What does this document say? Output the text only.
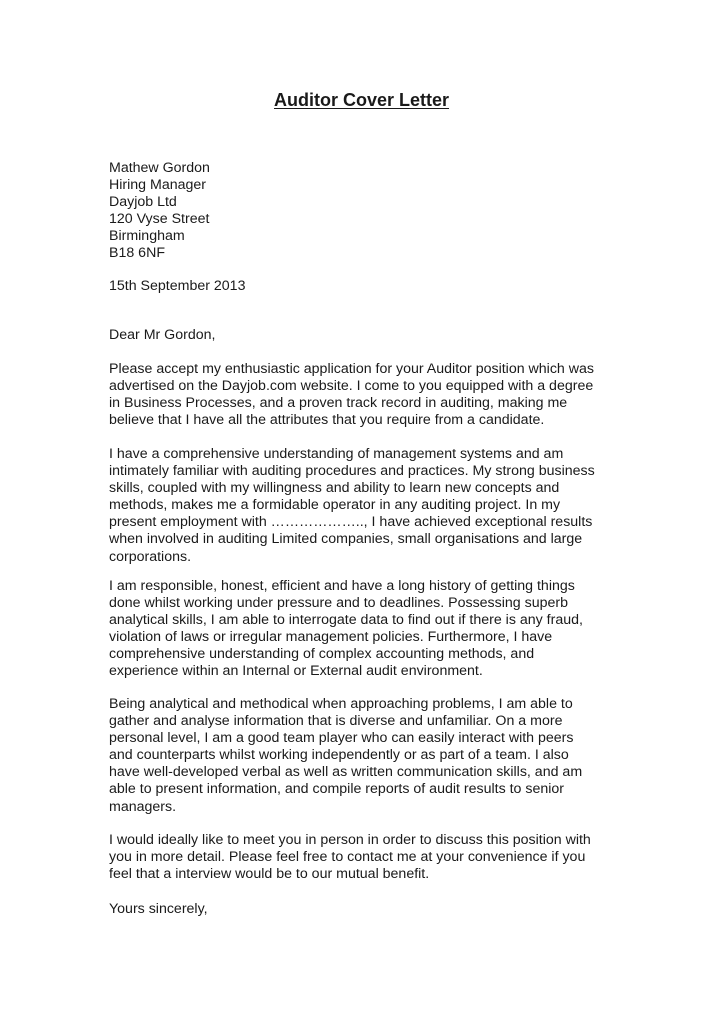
Auditor Cover Letter
Mathew Gordon
Hiring Manager
Dayjob Ltd
120 Vyse Street
Birmingham
B18 6NF
15th September 2013
Dear Mr Gordon,
Please accept my enthusiastic application for your Auditor position which was
advertised on the Dayjob.com website. I come to you equipped with a degree
in Business Processes, and a proven track record in auditing, making me
believe that I have all the attributes that you require from a candidate.
I have a comprehensive understanding of management systems and am
intimately familiar with auditing procedures and practices. My strong business
skills, coupled with my willingness and ability to learn new concepts and
methods, makes me a formidable operator in any auditing project. In my
present employment with ……………….., I have achieved exceptional results
when involved in auditing Limited companies, small organisations and large
corporations.
I am responsible, honest, efficient and have a long history of getting things
done whilst working under pressure and to deadlines. Possessing superb
analytical skills, I am able to interrogate data to find out if there is any fraud,
violation of laws or irregular management policies. Furthermore, I have
comprehensive understanding of complex accounting methods, and
experience within an Internal or External audit environment.
Being analytical and methodical when approaching problems, I am able to
gather and analyse information that is diverse and unfamiliar. On a more
personal level, I am a good team player who can easily interact with peers
and counterparts whilst working independently or as part of a team. I also
have well-developed verbal as well as written communication skills, and am
able to present information, and compile reports of audit results to senior
managers.
I would ideally like to meet you in person in order to discuss this position with
you in more detail. Please feel free to contact me at your convenience if you
feel that a interview would be to our mutual benefit.
Yours sincerely,
